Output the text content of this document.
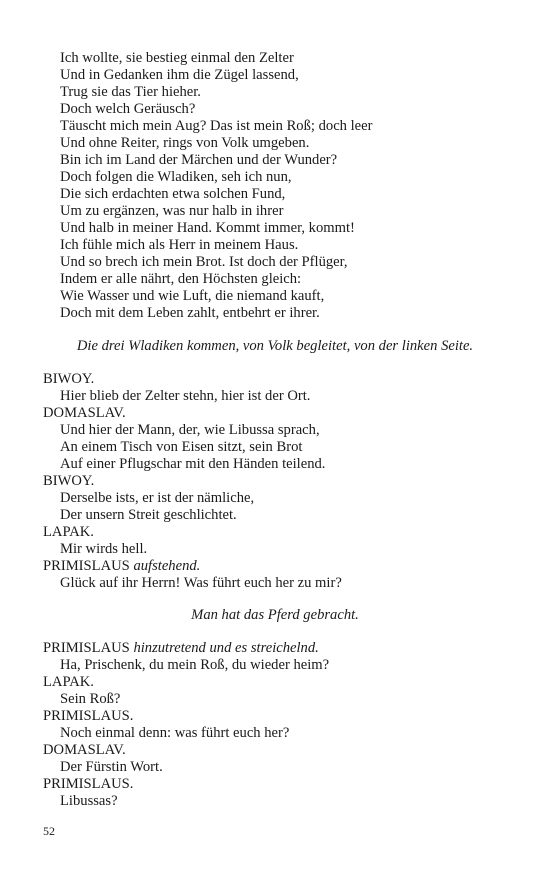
Ich wollte, sie bestieg einmal den Zelter
Und in Gedanken ihm die Zügel lassend,
Trug sie das Tier hieher.
Doch welch Geräusch?
Täuscht mich mein Aug? Das ist mein Roß; doch leer
Und ohne Reiter, rings von Volk umgeben.
Bin ich im Land der Märchen und der Wunder?
Doch folgen die Wladiken, seh ich nun,
Die sich erdachten etwa solchen Fund,
Um zu ergänzen, was nur halb in ihrer
Und halb in meiner Hand. Kommt immer, kommt!
Ich fühle mich als Herr in meinem Haus.
Und so brech ich mein Brot. Ist doch der Pflüger,
Indem er alle nährt, den Höchsten gleich:
Wie Wasser und wie Luft, die niemand kauft,
Doch mit dem Leben zahlt, entbehrt er ihrer.
Die drei Wladiken kommen, von Volk begleitet, von der linken Seite.
BIWOY.
Hier blieb der Zelter stehn, hier ist der Ort.
DOMASLAV.
Und hier der Mann, der, wie Libussa sprach,
An einem Tisch von Eisen sitzt, sein Brot
Auf einer Pflugschar mit den Händen teilend.
BIWOY.
Derselbe ists, er ist der nämliche,
Der unsern Streit geschlichtet.
LAPAK.
Mir wirds hell.
PRIMISLAUS aufstehend.
Glück auf ihr Herrn! Was führt euch her zu mir?
Man hat das Pferd gebracht.
PRIMISLAUS hinzutretend und es streichelnd.
Ha, Prischenk, du mein Roß, du wieder heim?
LAPAK.
Sein Roß?
PRIMISLAUS.
Noch einmal denn: was führt euch her?
DOMASLAV.
Der Fürstin Wort.
PRIMISLAUS.
Libussas?
52
